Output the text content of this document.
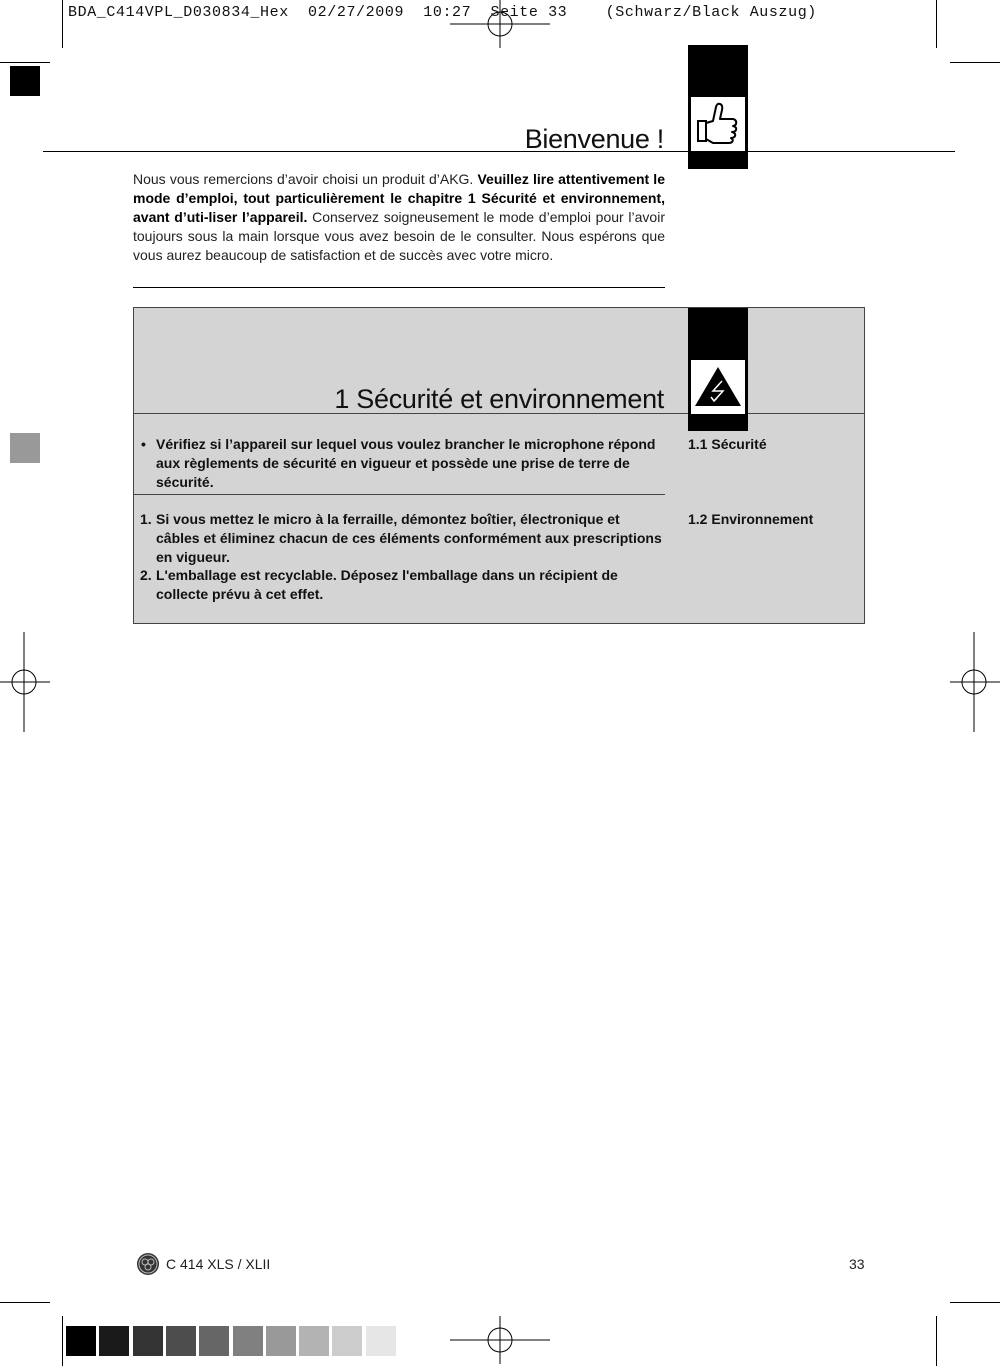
BDA_C414VPL_D030834_Hex  02/27/2009  10:27  Seite 33    (Schwarz/Black Auszug)
Bienvenue !
Nous vous remercions d’avoir choisi un produit d’AKG. Veuillez lire attentivement le mode d’emploi, tout particulièrement le chapitre 1 Sécurité et environnement, avant d’uti-liser l’appareil. Conservez soigneusement le mode d’emploi pour l’avoir toujours sous la main lorsque vous avez besoin de le consulter. Nous espérons que vous aurez beaucoup de satisfaction et de succès avec votre micro.
1 Sécurité et environnement
• Vérifiez si l’appareil sur lequel vous voulez brancher le microphone répond aux règlements de sécurité en vigueur et possède une prise de terre de sécurité.
1.1 Sécurité
1.2 Environnement
1. Si vous mettez le micro à la ferraille, démontez boîtier, électronique et câbles et éliminez chacun de ces éléments conformément aux prescriptions en vigueur.
2. L'emballage est recyclable. Déposez l'emballage dans un récipient de collecte prévu à cet effet.
C 414 XLS / XLII	33
